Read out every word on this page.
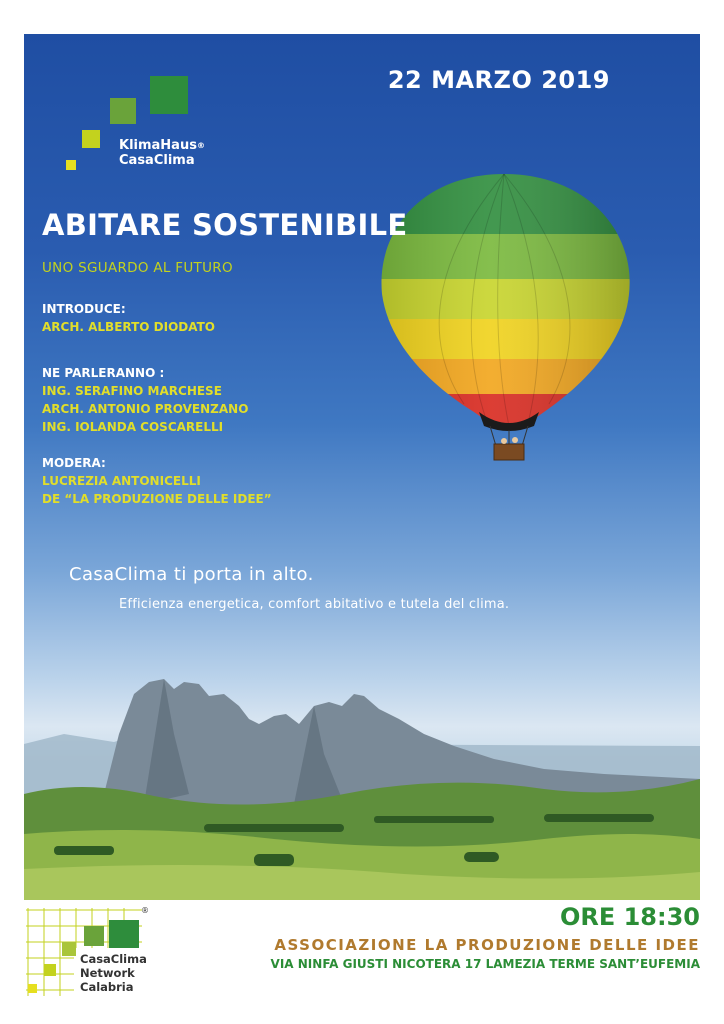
22 MARZO 2019
KlimaHaus®
CasaClima
ABITARE SOSTENIBILE
UNO SGUARDO AL FUTURO
INTRODUCE:
ARCH. ALBERTO DIODATO
NE PARLERANNO :
ING. SERAFINO MARCHESE
ARCH. ANTONIO PROVENZANO
ING. IOLANDA COSCARELLI
MODERA:
LUCREZIA ANTONICELLI
DE “LA PRODUZIONE DELLE IDEE”
CasaClima ti porta in alto.
Efficienza energetica, comfort abitativo e tutela del clima.
CasaClima
Network
Calabria
®	ORE 18:30
ASSOCIAZIONE LA PRODUZIONE DELLE IDEE
VIA NINFA GIUSTI NICOTERA 17 LAMEZIA TERME SANT’EUFEMIA
